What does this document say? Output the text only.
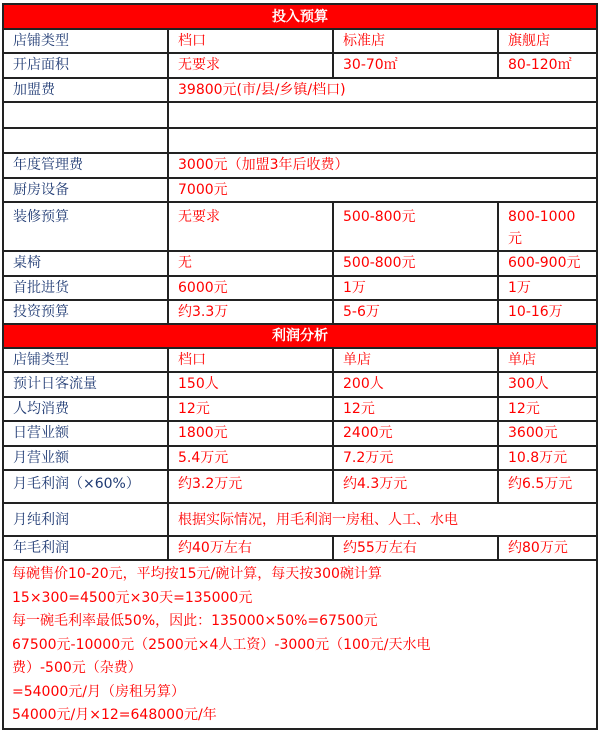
投入预算			
店铺类型	档口	标准店	旗舰店
开店面积	无要求	30-70㎡	80-120㎡
加盟费	39800元(市/县/乡镇/档口)		

年度管理费	3000元（加盟3年后收费）		
厨房设备	7000元		
装修预算	无要求	500-800元	800-1000元
桌椅	无	500-800元	600-900元
首批进货	6000元	1万	1万
投资预算	约3.3万	5-6万	10-16万
利润分析			
店铺类型	档口	单店	单店
预计日客流量	150人	200人	300人
人均消费	12元	12元	12元
日营业额	1800元	2400元	3600元
月营业额	5.4万元	7.2万元	10.8万元
月毛利润（×60%）	约3.2万元	约4.3万元	约6.5万元
月纯利润	根据实际情况，用毛利润一房租、人工、水电		
年毛利润	约40万左右	约55万左右	约80万元

每碗售价10-20元，平均按15元/碗计算，每天按300碗计算
15×300=4500元×30天=135000元
每一碗毛利率最低50%，因此：135000×50%=67500元
67500元-10000元（2500元×4人工资）-3000元（100元/天水电费）-500元（杂费）
=54000元/月（房租另算）
54000元/月×12=648000元/年
